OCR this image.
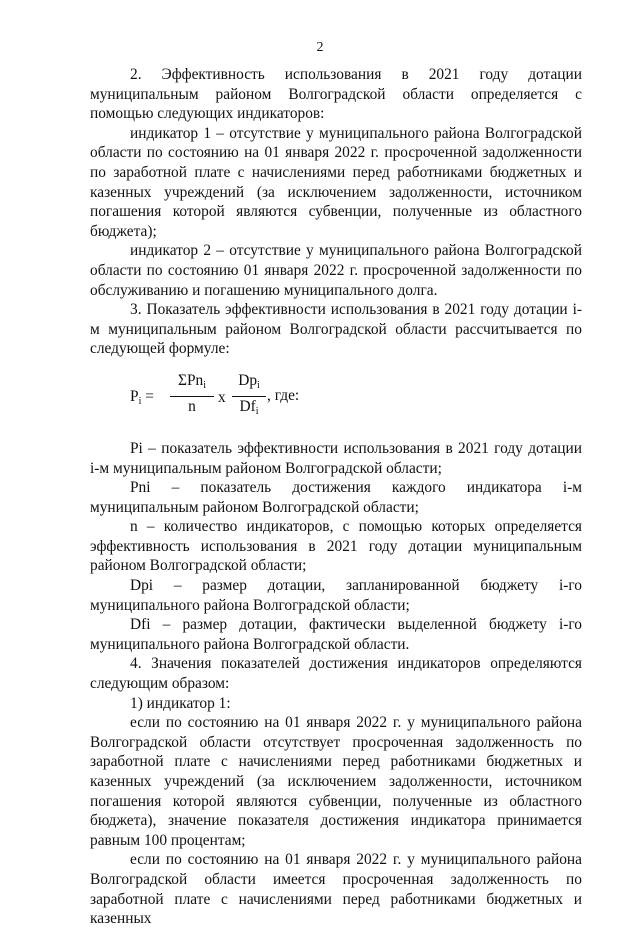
2

2. Эффективность использования в 2021 году дотации муниципальным районом Волгоградской области определяется с помощью следующих индикаторов:

индикатор 1 – отсутствие у муниципального района Волгоградской области по состоянию на 01 января 2022 г. просроченной задолженности по заработной плате с начислениями перед работниками бюджетных и казенных учреждений (за исключением задолженности, источником погашения которой являются субвенции, полученные из областного бюджета);

индикатор 2 – отсутствие у муниципального района Волгоградской области по состоянию 01 января 2022 г. просроченной задолженности по обслуживанию и погашению муниципального долга.

3. Показатель эффективности использования в 2021 году дотации i-м муниципальным районом Волгоградской области рассчитывается по следующей формуле:

$P_i$ =
ΣPn$_i$
n
x
$Dp_i$
$Df_i$
, где:

Pi – показатель эффективности использования в 2021 году дотации i-м муниципальным районом Волгоградской области;

Pni – показатель достижения каждого индикатора i-м муниципальным районом Волгоградской области;

n – количество индикаторов, с помощью которых определяется эффективность использования в 2021 году дотации муниципальным районом Волгоградской области;

Dpi – размер дотации, запланированной бюджету i-го муниципального района Волгоградской области;

Dfi – размер дотации, фактически выделенной бюджету i-го муниципального района Волгоградской области.

4. Значения показателей достижения индикаторов определяются следующим образом:

1) индикатор 1:

если по состоянию на 01 января 2022 г. у муниципального района Волгоградской области отсутствует просроченная задолженность по заработной плате с начислениями перед работниками бюджетных и казенных учреждений (за исключением задолженности, источником погашения которой являются субвенции, полученные из областного бюджета), значение показателя достижения индикатора принимается равным 100 процентам;

если по состоянию на 01 января 2022 г. у муниципального района Волгоградской области имеется просроченная задолженность по заработной плате с начислениями перед работниками бюджетных и казенных
